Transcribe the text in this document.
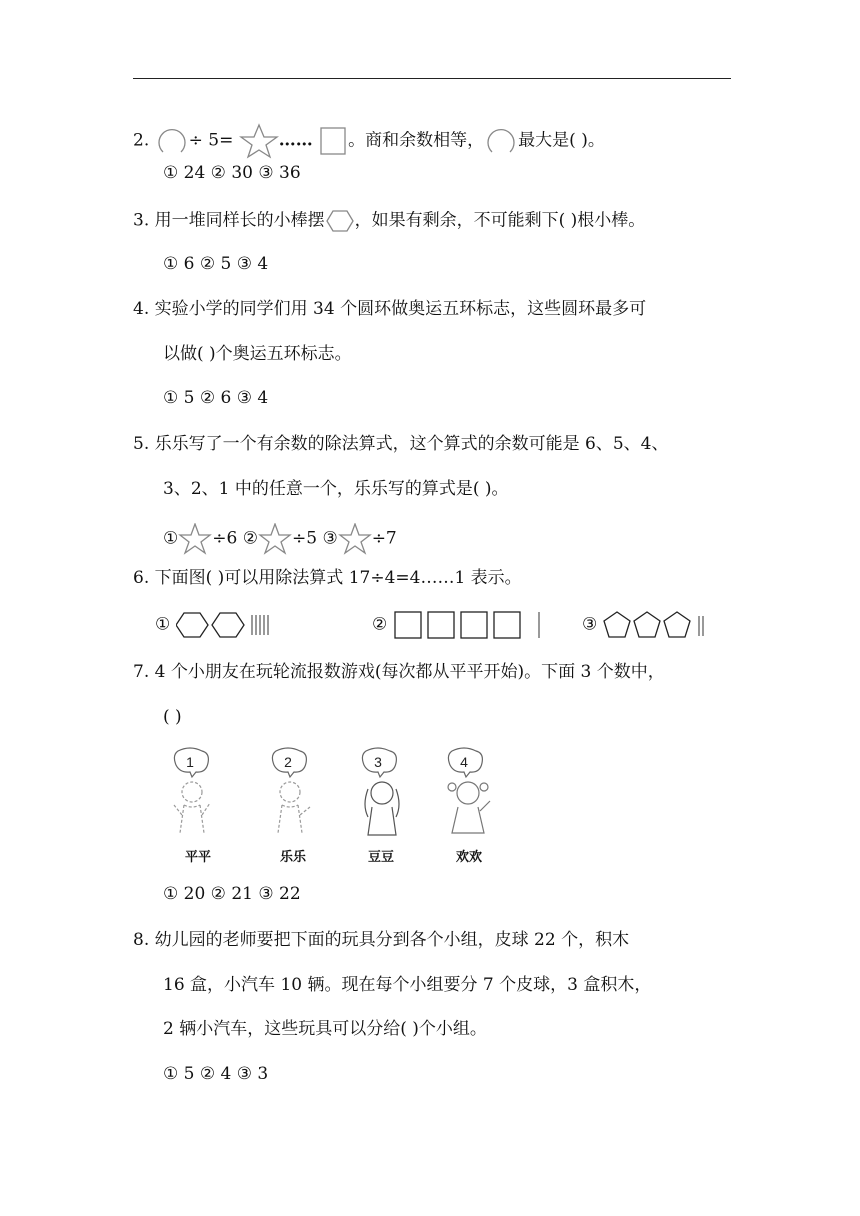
2. ÷ 5=	…… 。商和余数相等， 最大是( )。
① 24 ② 30 ③ 36
3. 用一堆同样长的小棒摆 ，如果有剩余，不可能剩下( )根小棒。
① 6 ② 5 ③ 4
4. 实验小学的同学们用 34 个圆环做奥运五环标志，这些圆环最多可
以做( )个奥运五环标志。
① 5 ② 6 ③ 4
5. 乐乐写了一个有余数的除法算式，这个算式的余数可能是 6、5、4、
3、2、1 中的任意一个，乐乐写的算式是( )。
① ÷6 ② ÷5 ③ ÷7
6. 下面图( )可以用除法算式 17÷4=4……1 表示。
①	②	③
7. 4 个小朋友在玩轮流报数游戏(每次都从平平开始)。下面 3 个数中，
( )
1
平平
2
乐乐
3
豆豆
4
欢欢
① 20 ② 21 ③ 22
8. 幼儿园的老师要把下面的玩具分到各个小组，皮球 22 个，积木
16 盒，小汽车 10 辆。现在每个小组要分 7 个皮球，3 盒积木，
2 辆小汽车，这些玩具可以分给( )个小组。
① 5 ② 4 ③ 3
